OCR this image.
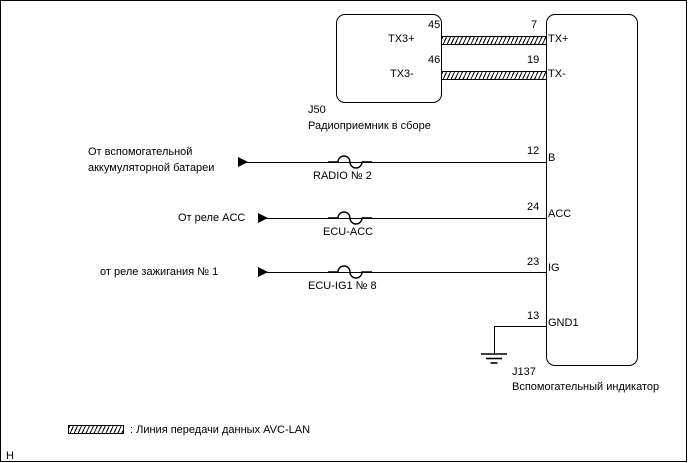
TX3+
TX3-
45
46
J50
Радиоприемник в сборе
TX+
TX-
B
ACC
IG
GND1
7
19
12
24
23
13
J137
Вспомогательный индикатор
RADIO № 2
От вспомогательной
аккумуляторной батареи
ECU-ACC
От реле ACC
ECU-IG1 № 8
от реле зажигания № 1
: Линия передачи данных AVC-LAN
Н
